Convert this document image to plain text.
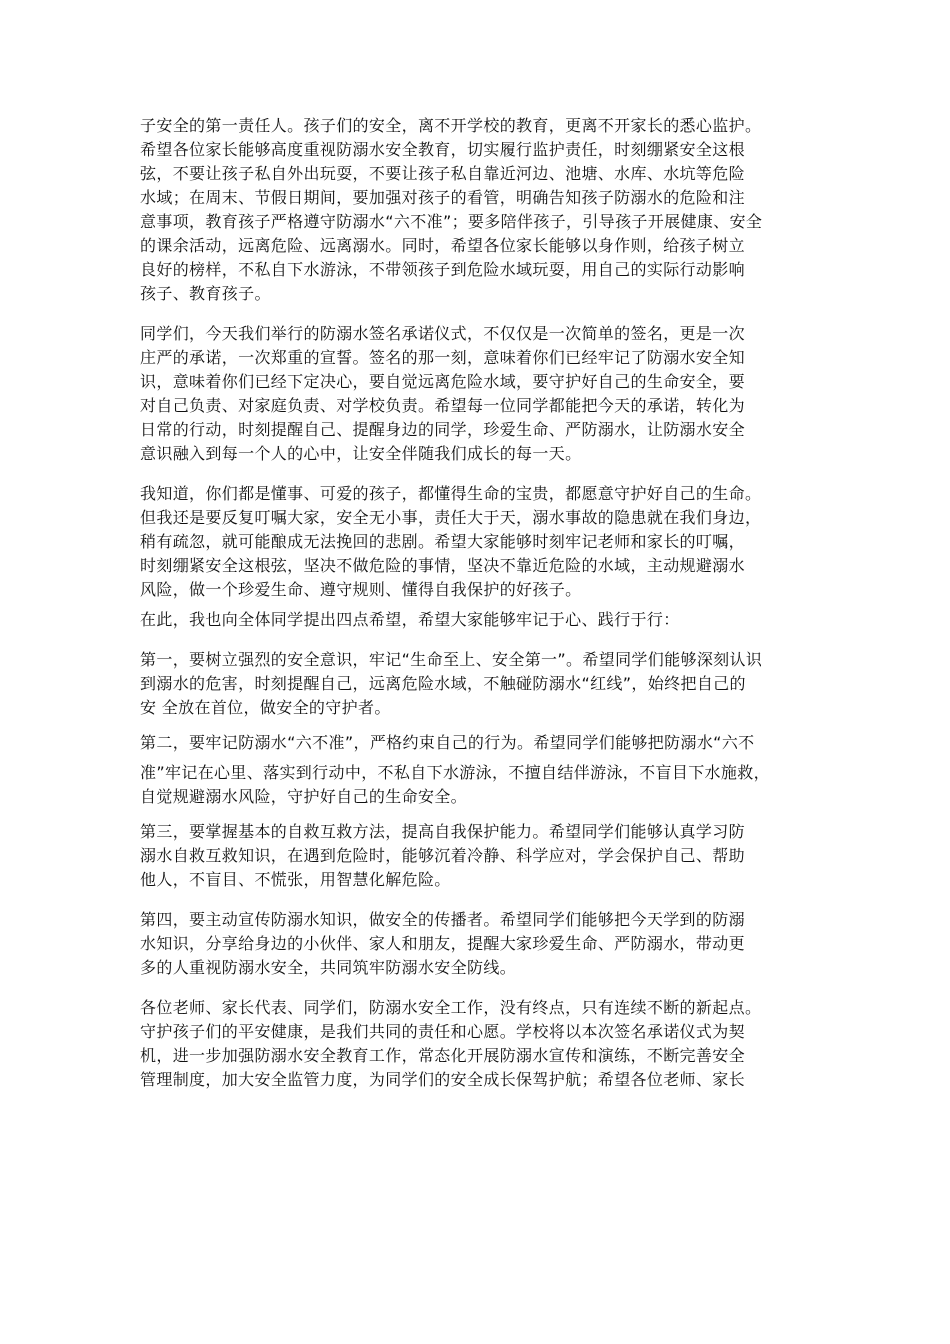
子安全的第一责任人。孩子们的安全，离不开学校的教育，更离不开家长的悉心监护。
希望各位家长能够高度重视防溺水安全教育，切实履行监护责任，时刻绷紧安全这根
弦，不要让孩子私自外出玩耍，不要让孩子私自靠近河边、池塘、水库、水坑等危险
水域；在周末、节假日期间，要加强对孩子的看管，明确告知孩子防溺水的危险和注
意事项，教育孩子严格遵守防溺水“六不准”；要多陪伴孩子，引导孩子开展健康、安全
的课余活动，远离危险、远离溺水。同时，希望各位家长能够以身作则，给孩子树立
良好的榜样，不私自下水游泳，不带领孩子到危险水域玩耍，用自己的实际行动影响
孩子、教育孩子。
同学们，今天我们举行的防溺水签名承诺仪式，不仅仅是一次简单的签名，更是一次
庄严的承诺，一次郑重的宣誓。签名的那一刻，意味着你们已经牢记了防溺水安全知
识，意味着你们已经下定决心，要自觉远离危险水域，要守护好自己的生命安全，要
对自己负责、对家庭负责、对学校负责。希望每一位同学都能把今天的承诺，转化为
日常的行动，时刻提醒自己、提醒身边的同学，珍爱生命、严防溺水，让防溺水安全
意识融入到每一个人的心中，让安全伴随我们成长的每一天。
我知道，你们都是懂事、可爱的孩子，都懂得生命的宝贵，都愿意守护好自己的生命。
但我还是要反复叮嘱大家，安全无小事，责任大于天，溺水事故的隐患就在我们身边，
稍有疏忽，就可能酿成无法挽回的悲剧。希望大家能够时刻牢记老师和家长的叮嘱，
时刻绷紧安全这根弦，坚决不做危险的事情，坚决不靠近危险的水域，主动规避溺水
风险，做一个珍爱生命、遵守规则、懂得自我保护的好孩子。
在此，我也向全体同学提出四点希望，希望大家能够牢记于心、践行于行：
第一，要树立强烈的安全意识，牢记“生命至上、安全第一”。希望同学们能够深刻认识
到溺水的危害，时刻提醒自己，远离危险水域，不触碰防溺水“红线”，始终把自己的
安 全放在首位，做安全的守护者。
第二，要牢记防溺水“六不准”，严格约束自己的行为。希望同学们能够把防溺水“六不
准”牢记在心里、落实到行动中，不私自下水游泳，不擅自结伴游泳，不盲目下水施救，
自觉规避溺水风险，守护好自己的生命安全。
第三，要掌握基本的自救互救方法，提高自我保护能力。希望同学们能够认真学习防
溺水自救互救知识，在遇到危险时，能够沉着冷静、科学应对，学会保护自己、帮助
他人，不盲目、不慌张，用智慧化解危险。
第四，要主动宣传防溺水知识，做安全的传播者。希望同学们能够把今天学到的防溺
水知识，分享给身边的小伙伴、家人和朋友，提醒大家珍爱生命、严防溺水，带动更
多的人重视防溺水安全，共同筑牢防溺水安全防线。
各位老师、家长代表、同学们，防溺水安全工作，没有终点，只有连续不断的新起点。
守护孩子们的平安健康，是我们共同的责任和心愿。学校将以本次签名承诺仪式为契
机，进一步加强防溺水安全教育工作，常态化开展防溺水宣传和演练，不断完善安全
管理制度，加大安全监管力度，为同学们的安全成长保驾护航；希望各位老师、家长
